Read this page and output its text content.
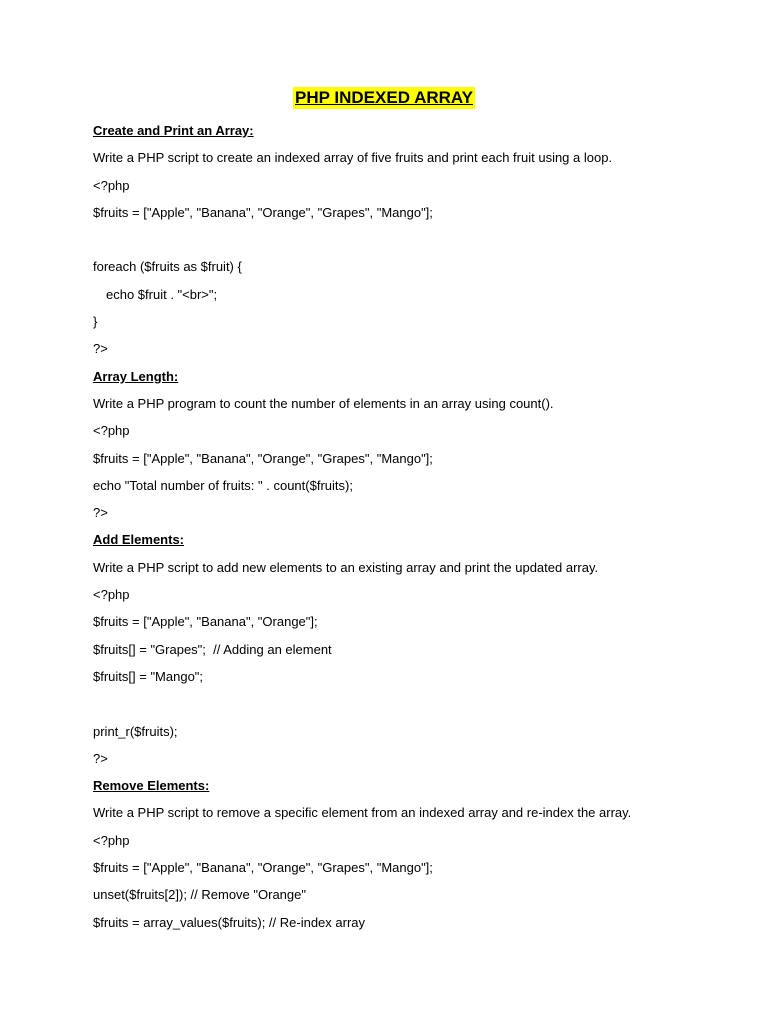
PHP INDEXED ARRAY
Create and Print an Array:
Write a PHP script to create an indexed array of five fruits and print each fruit using a loop.
<?php
$fruits = ["Apple", "Banana", "Orange", "Grapes", "Mango"];
foreach ($fruits as $fruit) {
echo $fruit . "<br>";
}
?>
Array Length:
Write a PHP program to count the number of elements in an array using count().
<?php
$fruits = ["Apple", "Banana", "Orange", "Grapes", "Mango"];
echo "Total number of fruits: " . count($fruits);
?>
Add Elements:
Write a PHP script to add new elements to an existing array and print the updated array.
<?php
$fruits = ["Apple", "Banana", "Orange"];
$fruits[] = "Grapes";  // Adding an element
$fruits[] = "Mango";
print_r($fruits);
?>
Remove Elements:
Write a PHP script to remove a specific element from an indexed array and re-index the array.
<?php
$fruits = ["Apple", "Banana", "Orange", "Grapes", "Mango"];
unset($fruits[2]); // Remove "Orange"
$fruits = array_values($fruits); // Re-index array
